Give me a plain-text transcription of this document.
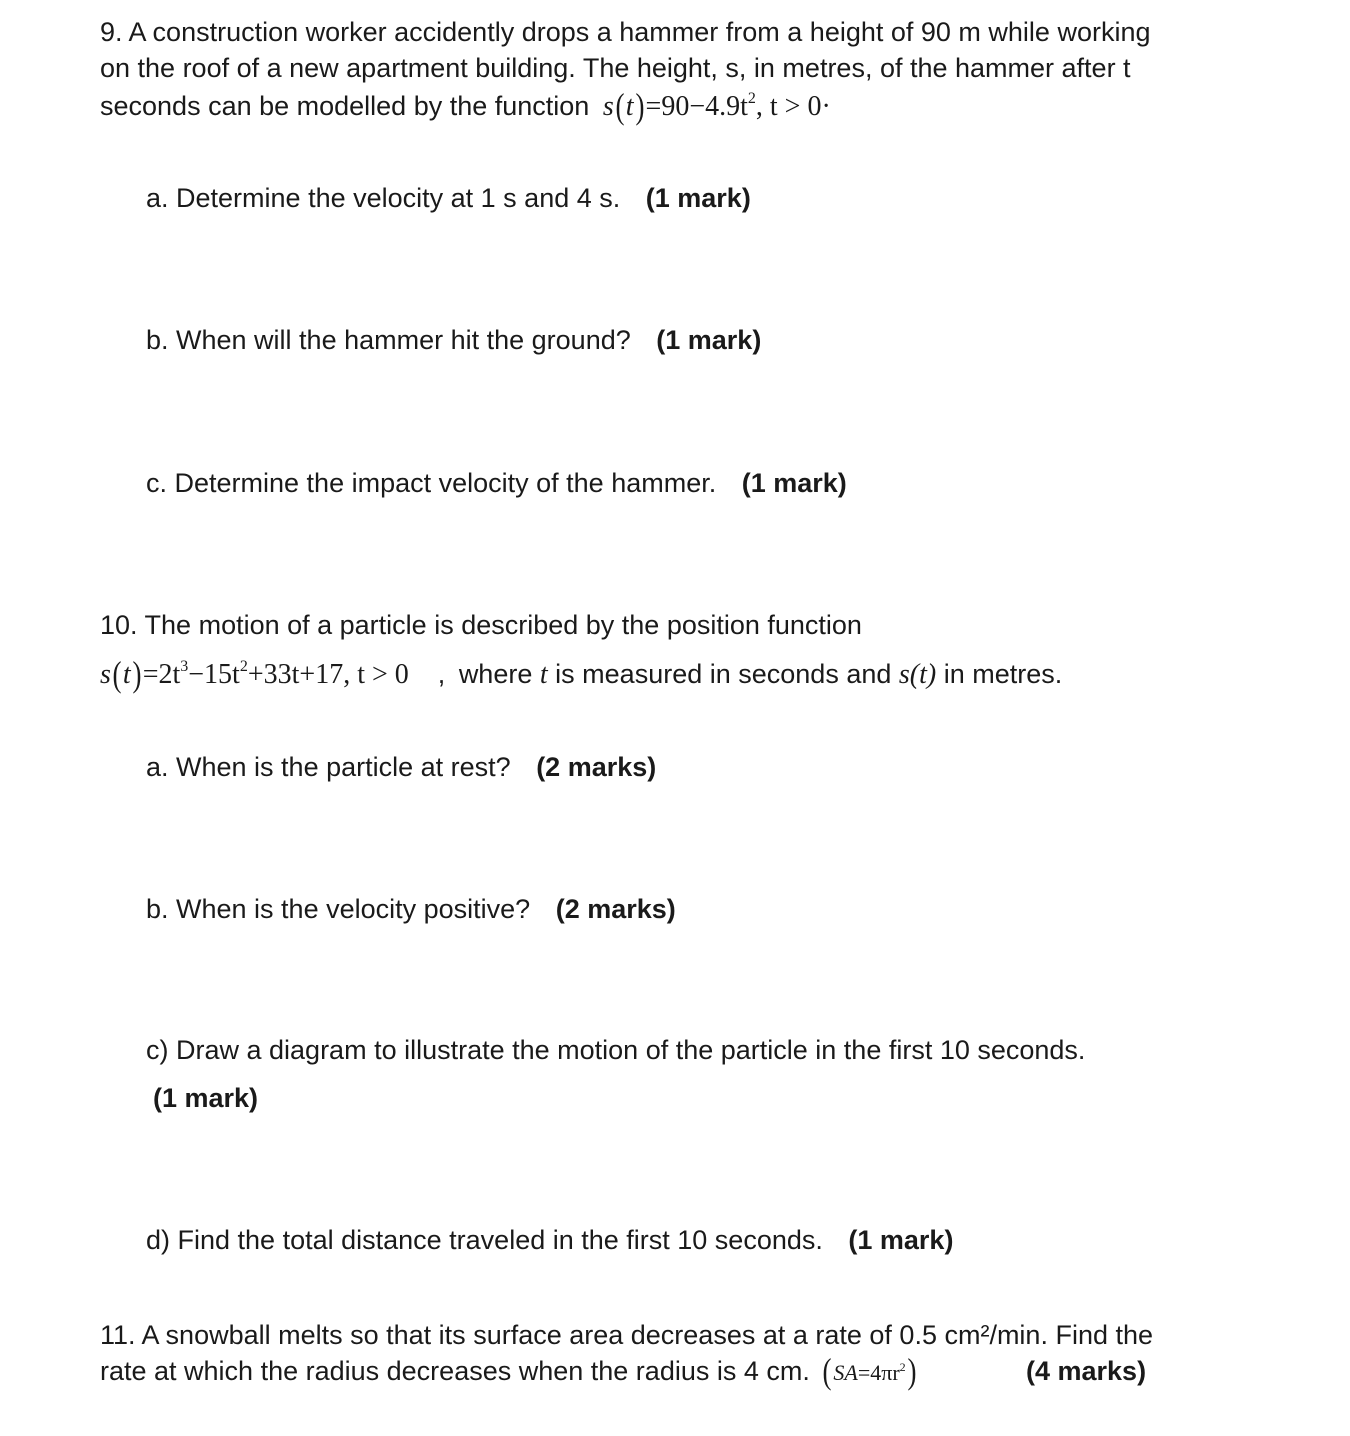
9. A construction worker accidently drops a hammer from a height of 90 m while working
on the roof of a new apartment building. The height, s, in metres, of the hammer after t
seconds can be modelled by the function $s(t)=90-4.9t^2$, t > 0·
a. Determine the velocity at 1 s and 4 s. (1 mark)
b. When will the hammer hit the ground? (1 mark)
c. Determine the impact velocity of the hammer. (1 mark)
10. The motion of a particle is described by the position function
$s(t)=2t^3-15t^2+33t+17$, t > 0 , where t is measured in seconds and s(t) in metres.
a. When is the particle at rest? (2 marks)
b. When is the velocity positive? (2 marks)
c) Draw a diagram to illustrate the motion of the particle in the first 10 seconds.
(1 mark)
d) Find the total distance traveled in the first 10 seconds. (1 mark)
11. A snowball melts so that its surface area decreases at a rate of 0.5 cm²/min. Find the
rate at which the radius decreases when the radius is 4 cm. $(SA=4\pi r^2)$	(4 marks)
